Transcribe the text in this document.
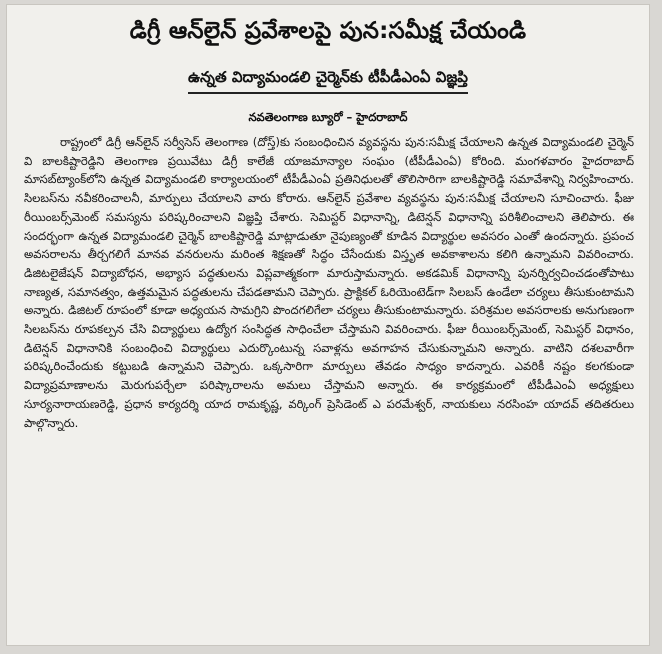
డిగ్రీ ఆన్‌లైన్ ప్రవేశాలపై పున:సమీక్ష చేయండి
ఉన్నత విద్యామండలి చైర్మెన్‌కు టీపీడీఎంఏ విజ్ఞప్తి
నవతెలంగాణ బ్యూరో – హైదరాబాద్
రాష్ట్రంలో డిగ్రీ ఆన్‌లైన్ సర్వీసెస్ తెలంగాణ (దోస్త్)కు సంబంధించిన వ్యవస్థను పున:సమీక్ష చేయాలని ఉన్నత విద్యామండలి చైర్మెన్ వి బాలకిష్టారెడ్డిని తెలంగాణ ప్రయివేటు డిగ్రీ కాలేజీ యాజమాన్యాల సంఘం (టీపీడీఎంఏ) కోరింది. మంగళవారం హైదరాబాద్ మాసబ్‌ట్యాంక్‌లోని ఉన్నత విద్యామండలి కార్యాలయంలో టీపీడీఎంఏ ప్రతినిధులతో తొలిసారిగా బాలకిష్టారెడ్డి సమావేశాన్ని నిర్వహించారు. సిలబస్‌ను నవీకరించాలనీ, మార్పులు చేయాలని వారు కోరారు. ఆన్‌లైన్ ప్రవేశాల వ్యవస్థను పున:సమీక్ష చేయాలని సూచించారు. ఫీజు రీయింబర్స్‌మెంట్ సమస్యను పరిష్కరించాలని విజ్ఞప్తి చేశారు. సెమిస్టర్ విధానాన్ని, డిటెన్షన్ విధానాన్ని పరిశీలించాలని తెలిపారు. ఈ సందర్భంగా ఉన్నత విద్యామండలి చైర్మెన్ బాలకిష్టారెడ్డి మాట్లాడుతూ నైపుణ్యంతో కూడిన విద్యార్థుల అవసరం ఎంతో ఉందన్నారు. ప్రపంచ అవసరాలను తీర్చగలిగే మానవ వనరులను మరింత శిక్షణతో సిద్ధం చేసేందుకు విస్తృత అవకాశాలను కలిగి ఉన్నామని వివరించారు. డిజిటలైజేషన్ విద్యాబోధన, అభ్యాస పద్ధతులను విప్లవాత్మకంగా మారుస్తామన్నారు. అకడమిక్ విధానాన్ని పునర్నిర్వచించడంతోపాటు నాణ్యత, సమానత్వం, ఉత్తమమైన పద్ధతులను చేపడతామని చెప్పారు. ప్రాక్టికల్ ఓరియెంటెడ్‌గా సిలబస్ ఉండేలా చర్యలు తీసుకుంటామని అన్నారు. డిజిటల్ రూపంలో కూడా అధ్యయన సామగ్రిని పొందగలిగేలా చర్యలు తీసుకుంటామన్నారు. పరిశ్రమల అవసరాలకు అనుగుణంగా సిలబస్‌ను రూపకల్పన చేసి విద్యార్థులు ఉద్యోగ సంసిద్ధత సాధించేలా చేస్తామని వివరించారు. ఫీజు రీయింబర్స్‌మెంట్, సెమిస్టర్ విధానం, డిటెన్షన్ విధానానికి సంబంధించి విద్యార్థులు ఎదుర్కొంటున్న సవాళ్లను అవగాహన చేసుకున్నామని అన్నారు. వాటిని దశలవారీగా పరిష్కరించేందుకు కట్టుబడి ఉన్నామని చెప్పారు. ఒక్కసారిగా మార్పులు తేవడం సాధ్యం కాదన్నారు. ఎవరికీ నష్టం కలగకుండా విద్యాప్రమాణాలను మెరుగుపర్చేలా పరిష్కారాలను అమలు చేస్తామని అన్నారు. ఈ కార్యక్రమంలో టీపీడీఎంఏ అధ్యక్షులు సూర్యనారాయణరెడ్డి, ప్రధాన కార్యదర్శి యాద రామకృష్ణ, వర్కింగ్ ప్రెసిడెంట్ ఎ పరమేశ్వర్, నాయకులు నరసింహ యాదవ్ తదితరులు పాల్గొన్నారు.
